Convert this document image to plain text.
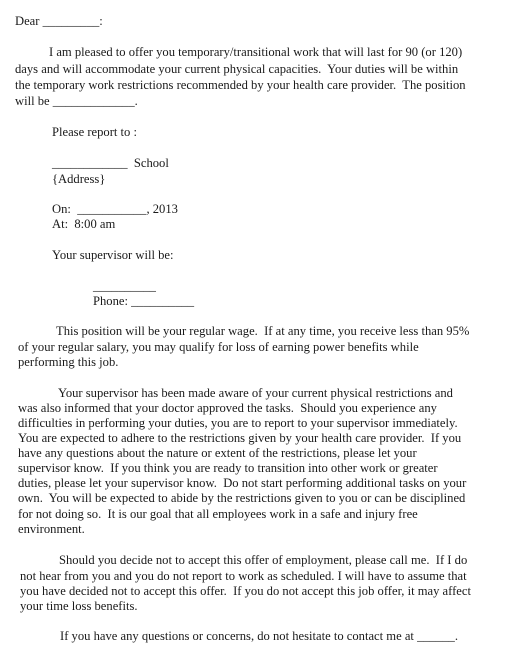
Dear _________:
I am pleased to offer you temporary/transitional work that will last for 90 (or 120)
days and will accommodate your current physical capacities.  Your duties will be within
the temporary work restrictions recommended by your health care provider.  The position
will be _____________.
Please report to :
____________  School
{Address}
On:  ___________, 2013
At:  8:00 am
Your supervisor will be:
__________
Phone: __________
This position will be your regular wage.  If at any time, you receive less than 95%
of your regular salary, you may qualify for loss of earning power benefits while
performing this job.
Your supervisor has been made aware of your current physical restrictions and
was also informed that your doctor approved the tasks.  Should you experience any
difficulties in performing your duties, you are to report to your supervisor immediately.
You are expected to adhere to the restrictions given by your health care provider.  If you
have any questions about the nature or extent of the restrictions, please let your
supervisor know.  If you think you are ready to transition into other work or greater
duties, please let your supervisor know.  Do not start performing additional tasks on your
own.  You will be expected to abide by the restrictions given to you or can be disciplined
for not doing so.  It is our goal that all employees work in a safe and injury free
environment.
Should you decide not to accept this offer of employment, please call me.  If I do
not hear from you and you do not report to work as scheduled. I will have to assume that
you have decided not to accept this offer.  If you do not accept this job offer, it may affect
your time loss benefits.
If you have any questions or concerns, do not hesitate to contact me at ______.
